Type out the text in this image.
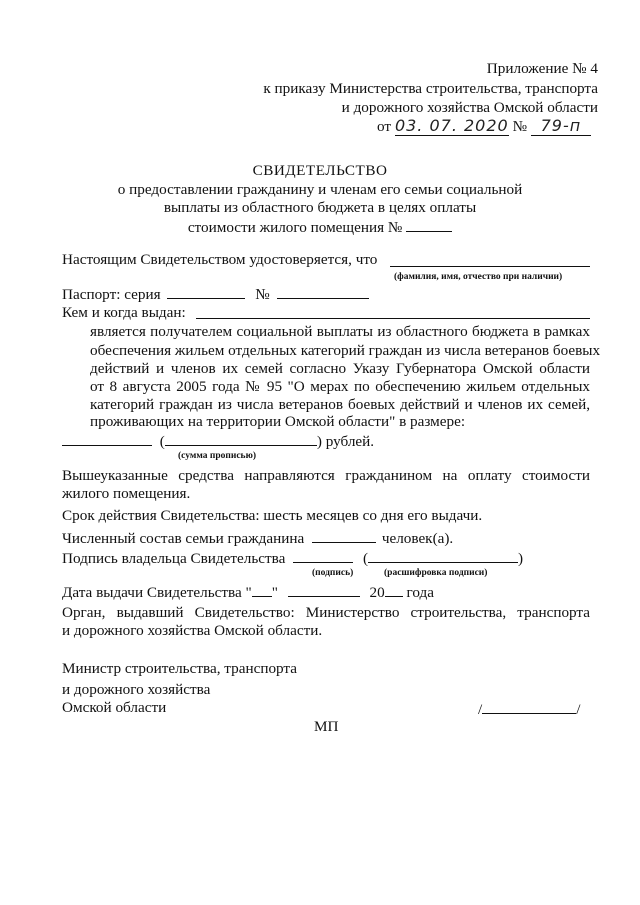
Приложение № 4
к приказу Министерства строительства, транспорта
и дорожного хозяйства Омской области
от 03. 07. 2020 № 79-п
СВИДЕТЕЛЬСТВО
о предоставлении гражданину и членам его семьи социальной
выплаты из областного бюджета в целях оплаты
стоимости жилого помещения №
Настоящим Свидетельством удостоверяется, что
(фамилия, имя, отчество при наличии)
Паспорт: серия	№
Кем и когда выдан:
является получателем социальной выплаты из областного бюджета в рамках
обеспечения жильем отдельных категорий граждан из числа ветеранов боевых
действий и членов их семей согласно Указу Губернатора Омской области
от 8 августа 2005 года № 95 "О мерах по обеспечению жильем отдельных
категорий граждан из числа ветеранов боевых действий и членов их семей,
проживающих на территории Омской области" в размере:
(	) рублей.
(сумма прописью)
Вышеуказанные средства направляются гражданином на оплату стоимости
жилого помещения.
Срок действия Свидетельства: шесть месяцев со дня его выдачи.
Численный состав семьи гражданина	человек(а).
Подпись владельца Свидетельства	(	)
(подпись)	(расшифровка подписи)
Дата выдачи Свидетельства " "	20 года
Орган, выдавший Свидетельство: Министерство строительства, транспорта
и дорожного хозяйства Омской области.
Министр строительства, транспорта
и дорожного хозяйства
Омской области	/	/
МП
